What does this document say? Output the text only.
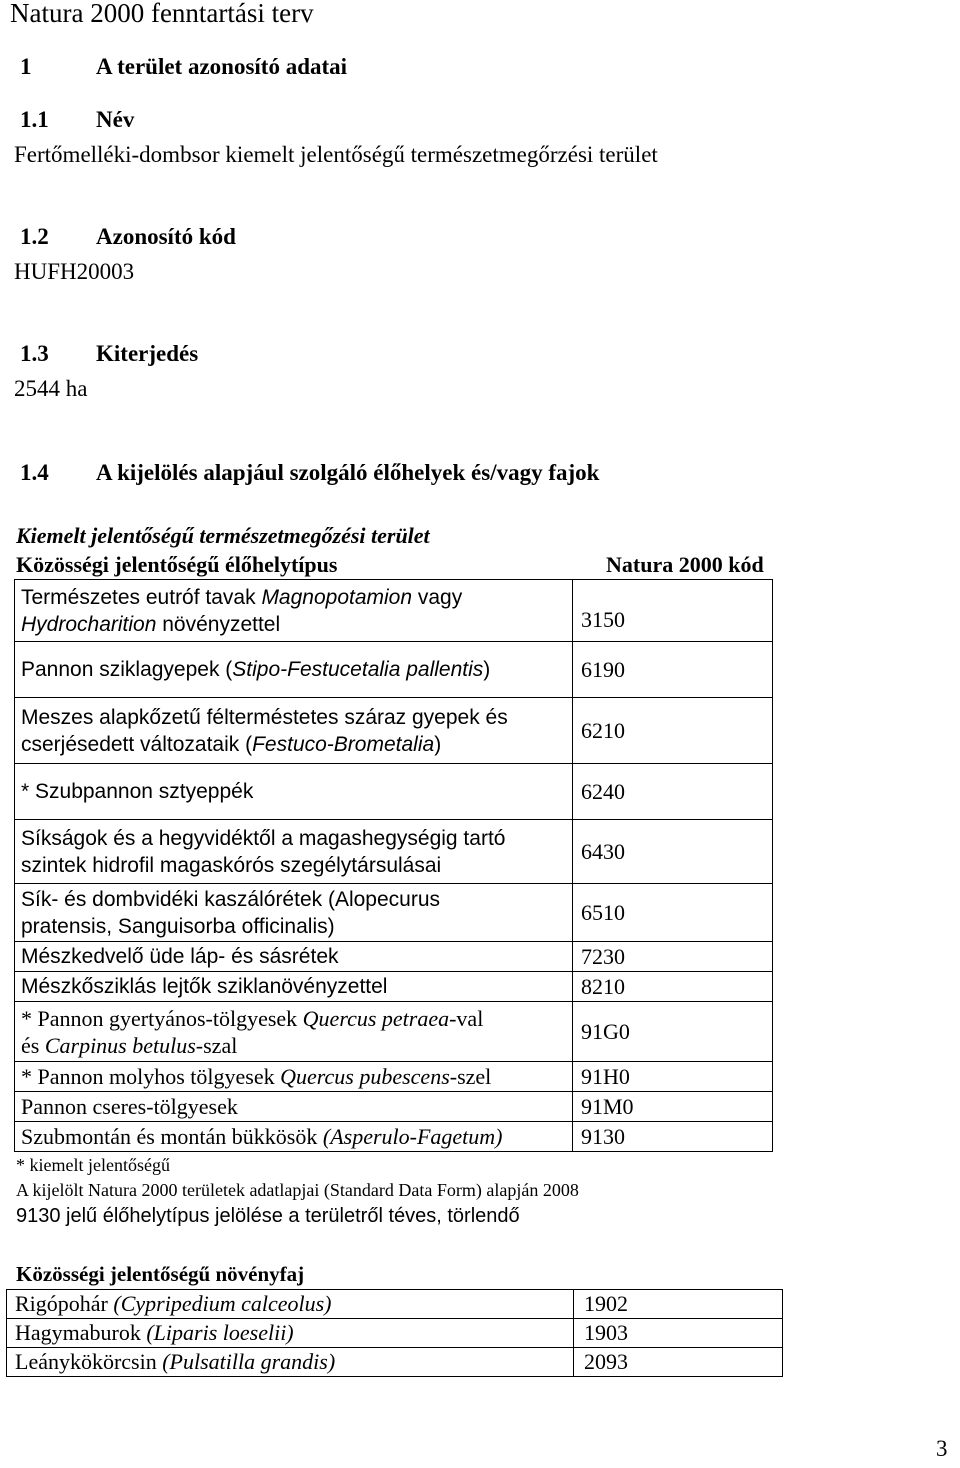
Natura 2000 fenntartási terv
1	A terület azonosító adatai
1.1 Név
Fertőmelléki-dombsor kiemelt jelentőségű természetmegőrzési terület
1.2 Azonosító kód
HUFH20003
1.3 Kiterjedés
2544 ha
1.4 A kijelölés alapjául szolgáló élőhelyek és/vagy fajok
Kiemelt jelentőségű természetmegőzési terület
Közösségi jelentőségű élőhelytípus	Natura 2000 kód
Természetes eutróf tavak Magnopotamion vagy
Hydrocharition növényzettel	3150
Pannon sziklagyepek (Stipo-Festucetalia pallentis)	6190
Meszes alapkőzetű félterméstetes száraz gyepek és
cserjésedett változataik (Festuco-Brometalia)	6210
* Szubpannon sztyeppék	6240
Síkságok és a hegyvidéktől a magashegységig tartó
szintek hidrofil magaskórós szegélytársulásai	6430
Sík- és dombvidéki kaszálórétek (Alopecurus
pratensis, Sanguisorba officinalis)	6510
Mészkedvelő üde láp- és sásrétek	7230
Mészkősziklás lejtők sziklanövényzettel	8210
* Pannon gyertyános-tölgyesek Quercus petraea-val
és Carpinus betulus-szal	91G0
* Pannon molyhos tölgyesek Quercus pubescens-szel	91H0
Pannon cseres-tölgyesek	91M0
Szubmontán és montán bükkösök (Asperulo-Fagetum)	9130
* kiemelt jelentőségű
A kijelölt Natura 2000 területek adatlapjai (Standard Data Form) alapján 2008
9130 jelű élőhelytípus jelölése a területről téves, törlendő
Közösségi jelentőségű növényfaj
Rigópohár (Cypripedium calceolus)	1902
Hagymaburok (Liparis loeselii)	1903
Leánykökörcsin (Pulsatilla grandis)	2093
3
